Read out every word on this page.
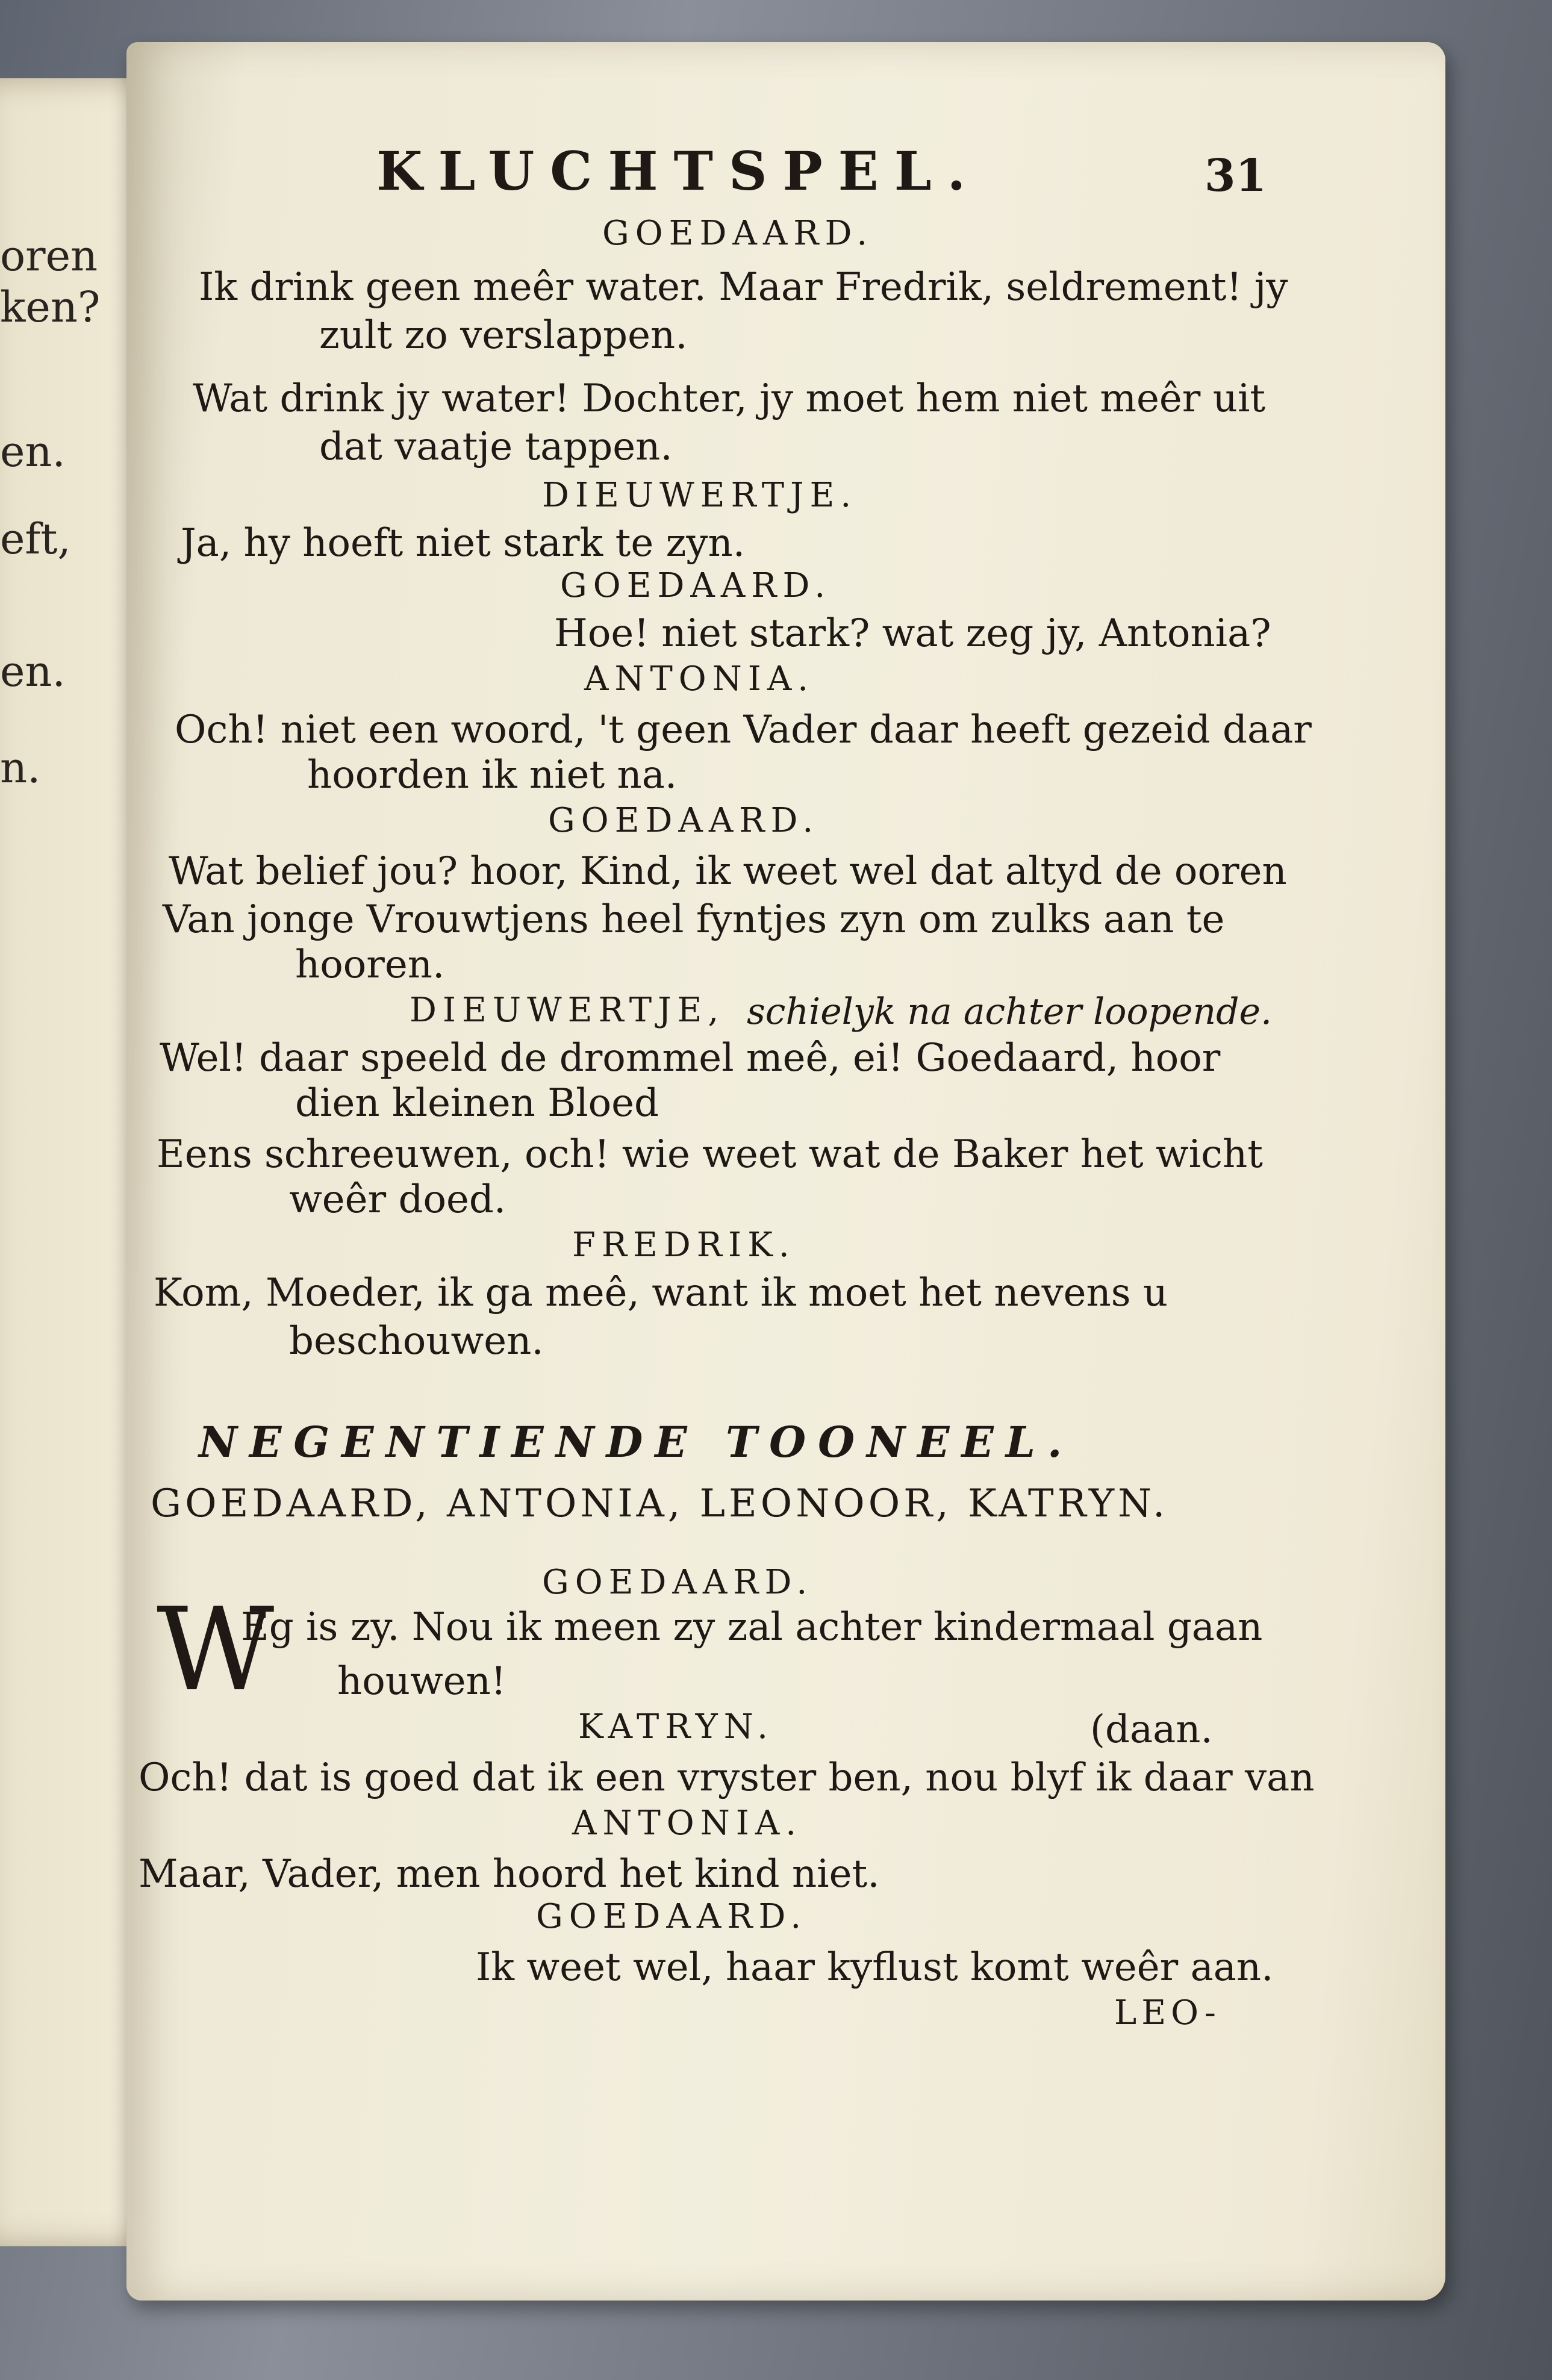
oren
ken?
en.
eft,
en.
n.
KLUCHTSPEL.	31
GOEDAARD.
Ik drink geen meêr water. Maar Fredrik, seldrement! jy
zult zo verslappen.
Wat drink jy water! Dochter, jy moet hem niet meêr uit
dat vaatje tappen.
DIEUWERTJE.
Ja, hy hoeft niet stark te zyn.
GOEDAARD.
Hoe! niet stark? wat zeg jy, Antonia?
ANTONIA.
Och! niet een woord, 't geen Vader daar heeft gezeid daar
hoorden ik niet na.
GOEDAARD.
Wat belief jou? hoor, Kind, ik weet wel dat altyd de ooren
Van jonge Vrouwtjens heel fyntjes zyn om zulks aan te
hooren.
DIEUWERTJE, schielyk na achter loopende.
Wel! daar speeld de drommel meê, ei! Goedaard, hoor
dien kleinen Bloed
Eens schreeuwen, och! wie weet wat de Baker het wicht
weêr doed.
FREDRIK.
Kom, Moeder, ik ga meê, want ik moet het nevens u
beschouwen.
NEGENTIENDE TOONEEL.
GOEDAARD, ANTONIA, LEONOOR, KATRYN.
GOEDAARD.
W
Eg is zy. Nou ik meen zy zal achter kindermaal gaan
houwen!
KATRYN.	(daan.
Och! dat is goed dat ik een vryster ben, nou blyf ik daar van
ANTONIA.
Maar, Vader, men hoord het kind niet.
GOEDAARD.
Ik weet wel, haar kyflust komt weêr aan.
LEO-
